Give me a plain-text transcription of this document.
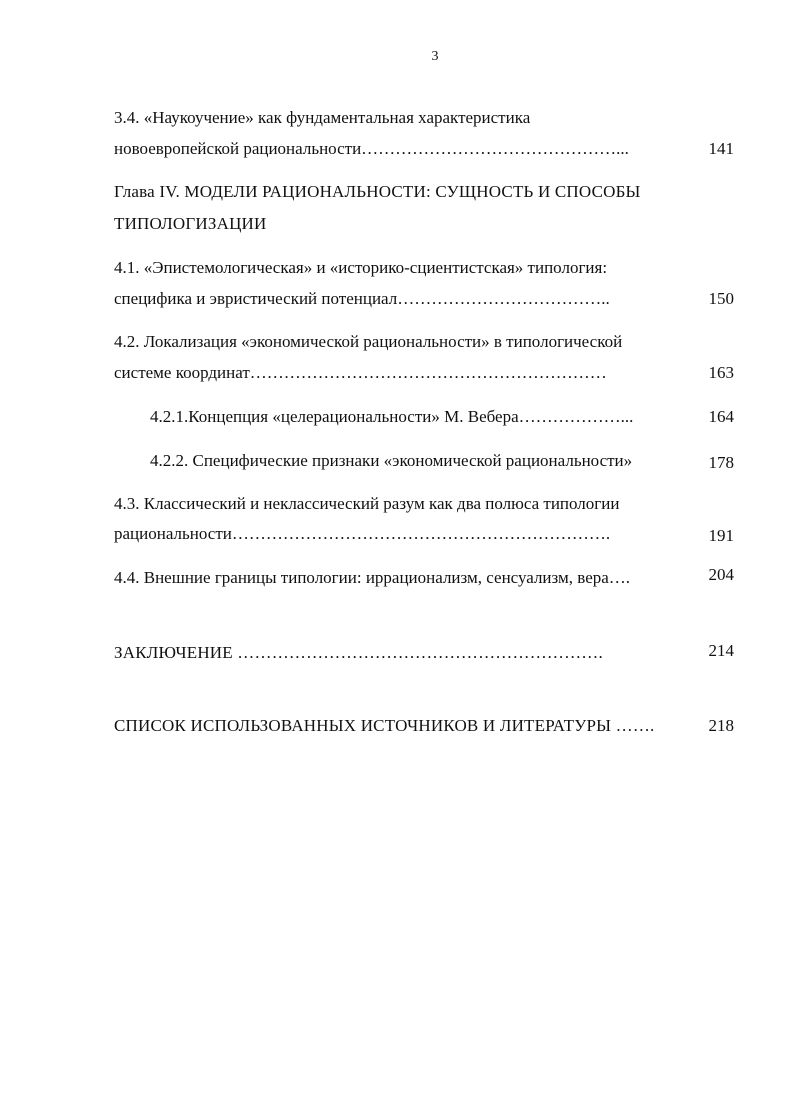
3
3.4. «Наукоучение» как фундаментальная характеристика
новоевропейской рациональности………………………………………...	141
Глава IV. МОДЕЛИ РАЦИОНАЛЬНОСТИ: СУЩНОСТЬ И СПОСОБЫ
ТИПОЛОГИЗАЦИИ
4.1. «Эпистемологическая» и «историко-сциентистская» типология:
специфика и эвристический потенциал………………………………..	150
4.2. Локализация «экономической рациональности» в типологической
системе координат………………………………………………………	163
4.2.1.Концепция «целерациональности» М. Вебера………………...	164
4.2.2. Специфические признаки «экономической рациональности»	178
4.3. Классический и неклассический разум как два полюса типологии
рациональности………………………………………………………….	191
4.4. Внешние границы типологии: иррационализм, сенсуализм, вера….	204
ЗАКЛЮЧЕНИЕ ……………………………………………………….	214
СПИСОК ИСПОЛЬЗОВАННЫХ ИСТОЧНИКОВ И ЛИТЕРАТУРЫ …….	218
